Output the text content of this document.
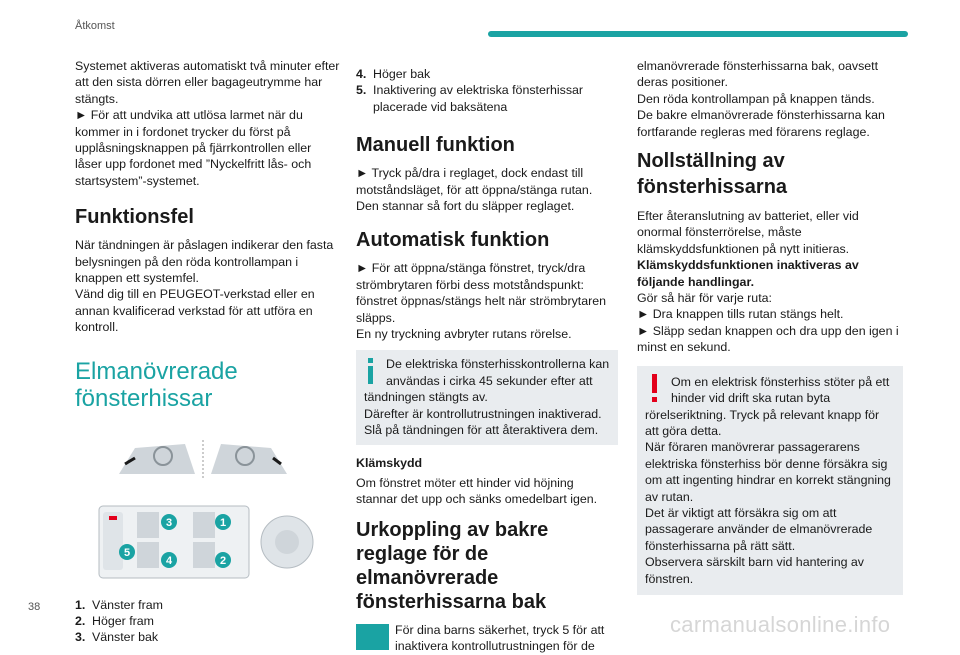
Åtkomst

Systemet aktiveras automatiskt två minuter efter att den sista dörren eller bagageutrymme har stängts.

► För att undvika att utlösa larmet när du kommer in i fordonet trycker du först på upplåsningsknappen på fjärrkontrollen eller låser upp fordonet med ”Nyckelfritt lås- och startsystem”-systemet.

Funktionsfel

När tändningen är påslagen indikerar den fasta belysningen på den röda kontrollampan i knappen ett systemfel.

Vänd dig till en PEUGEOT-verkstad eller en annan kvalificerad verkstad för att utföra en kontroll.

Elmanövrerade fönsterhissar

5
3
4
1
2
1. Vänster fram
2. Höger fram
3. Vänster bak
4. Höger bak
5. Inaktivering av elektriska fönsterhissar placerade vid baksätena
Manuell funktion

► Tryck på/dra i reglaget, dock endast till motståndsläget, för att öppna/stänga rutan. Den stannar så fort du släpper reglaget.

Automatisk funktion

► För att öppna/stänga fönstret, tryck/dra strömbrytaren förbi dess motståndspunkt: fönstret öppnas/stängs helt när strömbrytaren släpps.

En ny tryckning avbryter rutans rörelse.

De elektriska fönsterhisskontrollerna kan användas i cirka 45 sekunder efter att tändningen stängts av.

Därefter är kontrollutrustningen inaktiverad. Slå på tändningen för att återaktivera dem.

Klämskydd

Om fönstret möter ett hinder vid höjning stannar det upp och sänks omedelbart igen.

Urkoppling av bakre reglage för de elmanövrerade fönsterhissarna bak

För dina barns säkerhet, tryck 5 för att inaktivera kontrollutrustningen för de

elmanövrerade fönsterhissarna bak, oavsett deras positioner.

Den röda kontrollampan på knappen tänds.

De bakre elmanövrerade fönsterhissarna kan fortfarande regleras med förarens reglage.

Nollställning av fönsterhissarna

Efter återanslutning av batteriet, eller vid onormal fönsterrörelse, måste klämskyddsfunktionen på nytt initieras.

Klämskyddsfunktionen inaktiveras av följande handlingar.

Gör så här för varje ruta:

► Dra knappen tills rutan stängs helt.

► Släpp sedan knappen och dra upp den igen i minst en sekund.

Om en elektrisk fönsterhiss stöter på ett hinder vid drift ska rutan byta rörelseriktning. Tryck på relevant knapp för att göra detta.

När föraren manövrerar passagerarens elektriska fönsterhiss bör denne försäkra sig om att ingenting hindrar en korrekt stängning av rutan.

Det är viktigt att försäkra sig om att passagerare använder de elmanövrerade fönsterhissarna på rätt sätt.

Observera särskilt barn vid hantering av fönstren.

38
carmanualsonline.info
